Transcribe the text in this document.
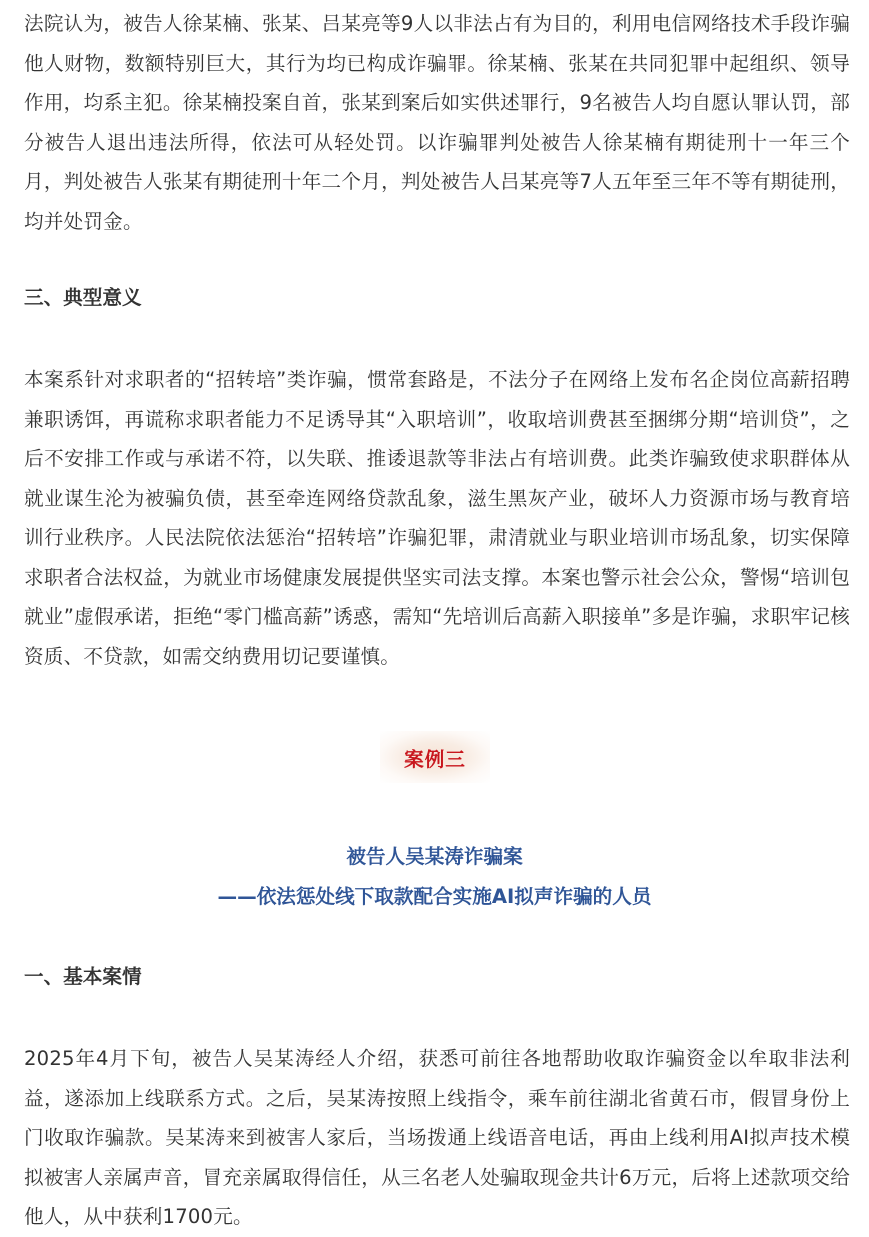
法院认为，被告人徐某楠、张某、吕某亮等9人以非法占有为目的，利用电信网络技术手段诈骗他人财物，数额特别巨大，其行为均已构成诈骗罪。徐某楠、张某在共同犯罪中起组织、领导作用，均系主犯。徐某楠投案自首，张某到案后如实供述罪行，9名被告人均自愿认罪认罚，部分被告人退出违法所得，依法可从轻处罚。以诈骗罪判处被告人徐某楠有期徒刑十一年三个月，判处被告人张某有期徒刑十年二个月，判处被告人吕某亮等7人五年至三年不等有期徒刑，均并处罚金。

三、典型意义

本案系针对求职者的“招转培”类诈骗，惯常套路是，不法分子在网络上发布名企岗位高薪招聘兼职诱饵，再谎称求职者能力不足诱导其“入职培训”，收取培训费甚至捆绑分期“培训贷”，之后不安排工作或与承诺不符，以失联、推诿退款等非法占有培训费。此类诈骗致使求职群体从就业谋生沦为被骗负债，甚至牵连网络贷款乱象，滋生黑灰产业，破坏人力资源市场与教育培训行业秩序。人民法院依法惩治“招转培”诈骗犯罪，肃清就业与职业培训市场乱象，切实保障求职者合法权益，为就业市场健康发展提供坚实司法支撑。本案也警示社会公众，警惕“培训包就业”虚假承诺，拒绝“零门槛高薪”诱惑，需知“先培训后高薪入职接单”多是诈骗，求职牢记核资质、不贷款，如需交纳费用切记要谨慎。

案例三

被告人吴某涛诈骗案

——依法惩处线下取款配合实施AI拟声诈骗的人员

一、基本案情

2025年4月下旬，被告人吴某涛经人介绍，获悉可前往各地帮助收取诈骗资金以牟取非法利益，遂添加上线联系方式。之后，吴某涛按照上线指令，乘车前往湖北省黄石市，假冒身份上门收取诈骗款。吴某涛来到被害人家后，当场拨通上线语音电话，再由上线利用AI拟声技术模拟被害人亲属声音，冒充亲属取得信任，从三名老人处骗取现金共计6万元，后将上述款项交给他人，从中获利1700元。
